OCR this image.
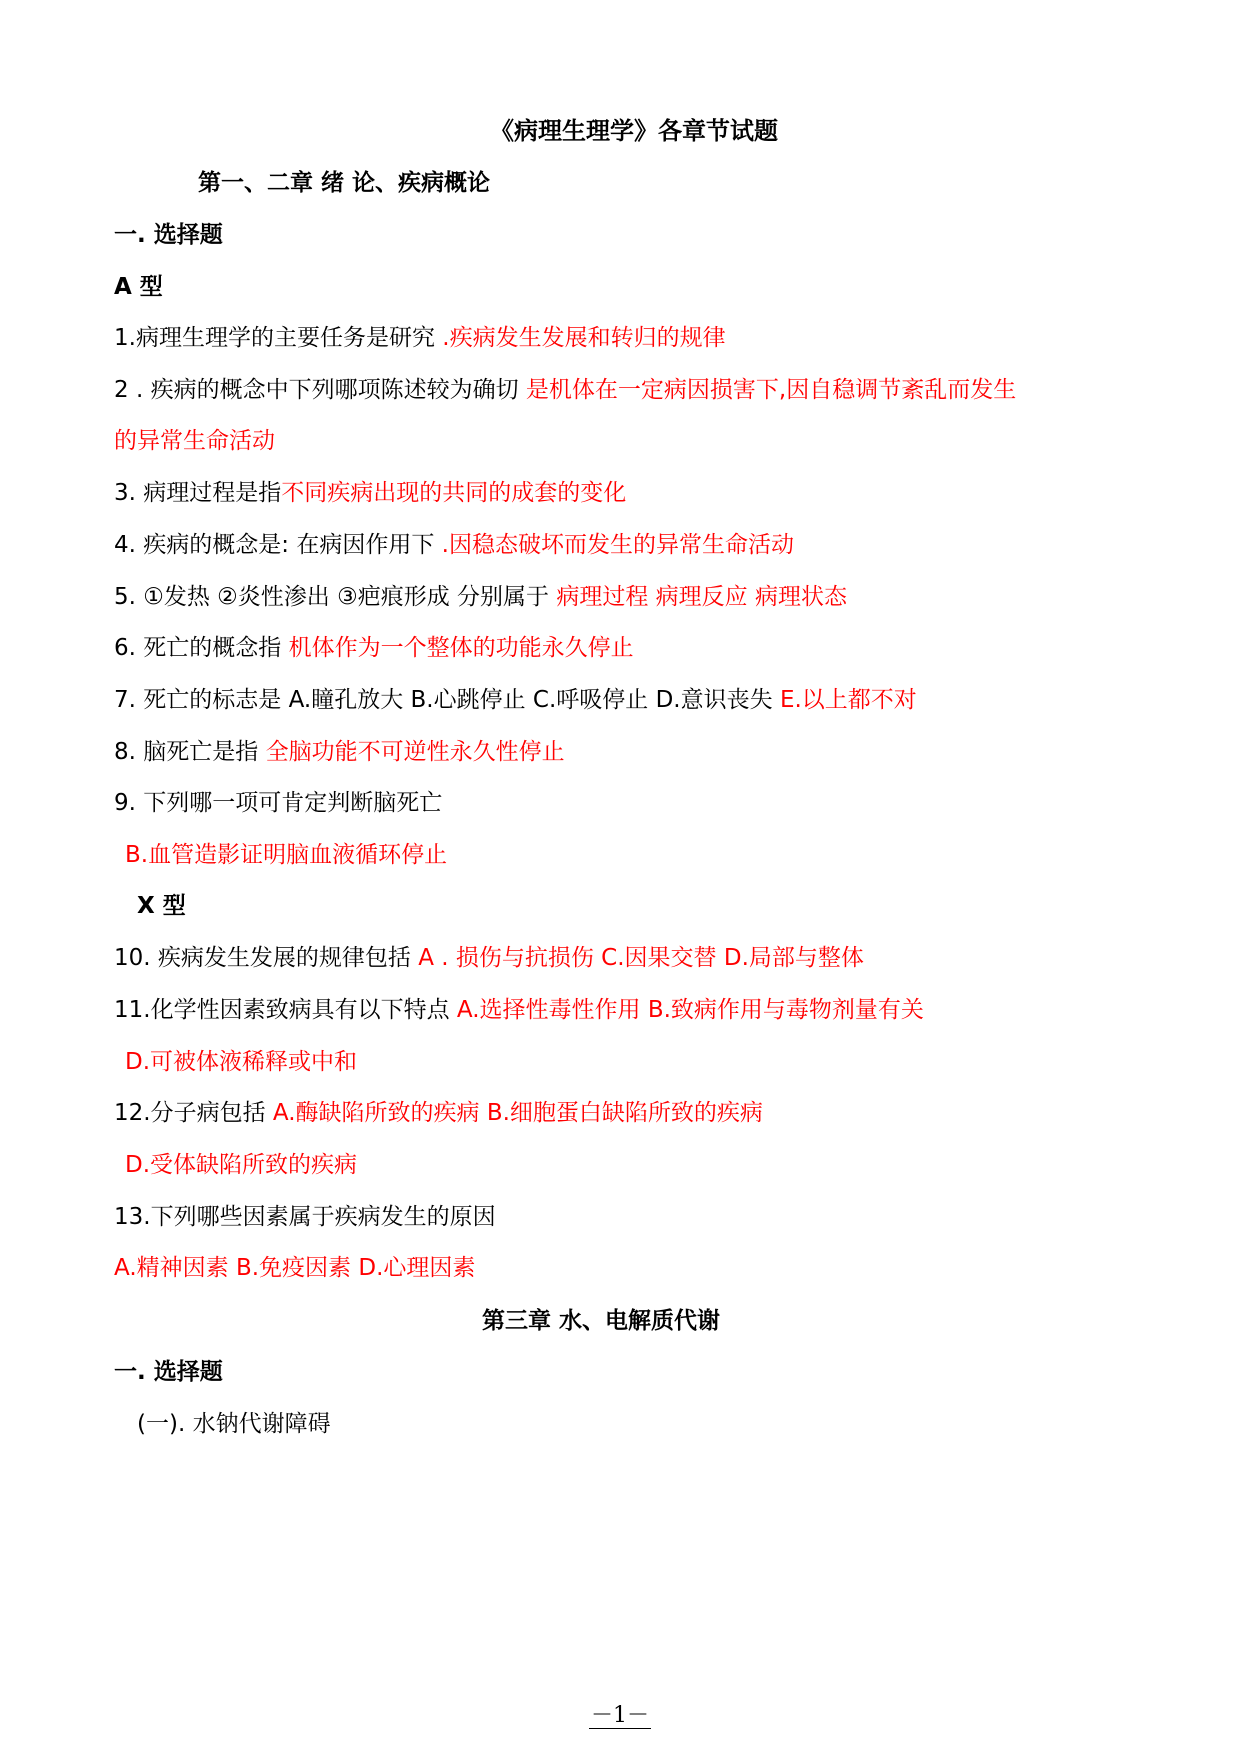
《病理生理学》各章节试题
第一、二章 绪 论、疾病概论
一. 选择题
A 型
1.病理生理学的主要任务是研究 .疾病发生发展和转归的规律
2 . 疾病的概念中下列哪项陈述较为确切 是机体在一定病因损害下,因自稳调节紊乱而发生
的异常生命活动
3. 病理过程是指不同疾病出现的共同的成套的变化
4. 疾病的概念是: 在病因作用下 .因稳态破坏而发生的异常生命活动
5. ①发热 ②炎性渗出 ③疤痕形成 分别属于 病理过程 病理反应 病理状态
6. 死亡的概念指 机体作为一个整体的功能永久停止
7. 死亡的标志是 A.瞳孔放大 B.心跳停止 C.呼吸停止 D.意识丧失 E.以上都不对
8. 脑死亡是指 全脑功能不可逆性永久性停止
9. 下列哪一项可肯定判断脑死亡
B.血管造影证明脑血液循环停止
X 型
10. 疾病发生发展的规律包括 A . 损伤与抗损伤 C.因果交替 D.局部与整体
11.化学性因素致病具有以下特点 A.选择性毒性作用 B.致病作用与毒物剂量有关
D.可被体液稀释或中和
12.分子病包括 A.酶缺陷所致的疾病 B.细胞蛋白缺陷所致的疾病
D.受体缺陷所致的疾病
13.下列哪些因素属于疾病发生的原因
A.精神因素 B.免疫因素 D.心理因素
第三章 水、电解质代谢
一. 选择题
(一). 水钠代谢障碍
－1－
